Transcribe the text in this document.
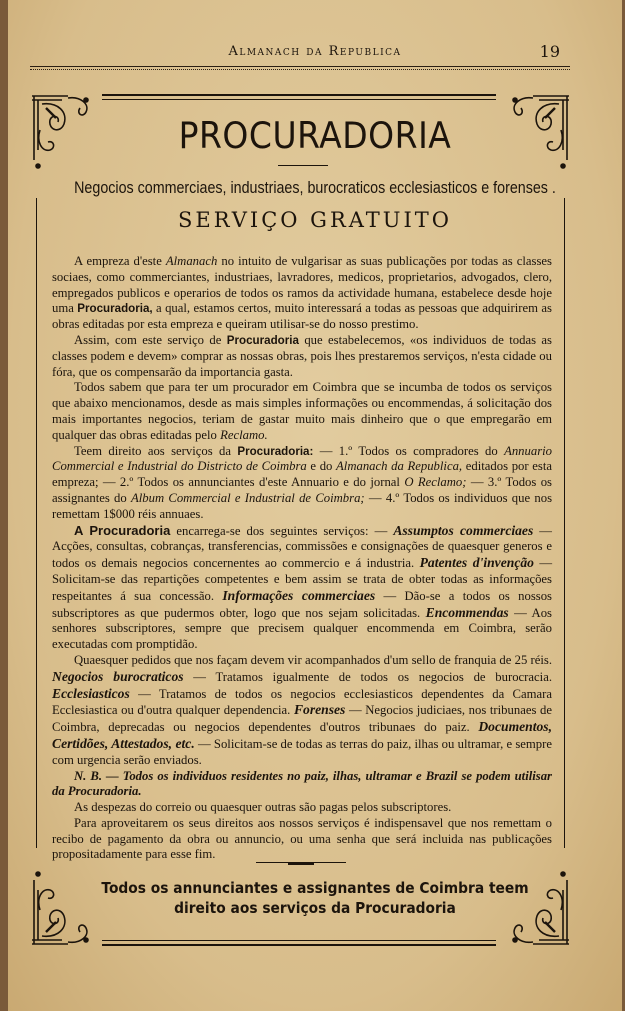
Almanach da Republica	19
PROCURADORIA
Negocios commerciaes, industriaes, burocraticos ecclesiasticos e forenses .
SERVIÇO GRATUITO

A empreza d'este Almanach no intuito de vulgarisar as suas publicações por todas as classes sociaes, como commerciantes, industriaes, lavradores, medicos, proprietarios, advogados, clero, empregados publicos e operarios de todos os ramos da actividade humana, estabelece desde hoje uma Procuradoria, a qual, estamos certos, muito interessará a todas as pessoas que adquirirem as obras editadas por esta empreza e queiram utilisar-se do nosso prestimo.

Assim, com este serviço de Procuradoria que estabelecemos, «os individuos de todas as classes podem e devem» comprar as nossas obras, pois lhes prestaremos serviços, n'esta cidade ou fóra, que os compensarão da importancia gasta.

Todos sabem que para ter um procurador em Coimbra que se incumba de todos os serviços que abaixo mencionamos, desde as mais simples informações ou encommendas, á solicitação dos mais importantes negocios, teriam de gastar muito mais dinheiro que o que empregarão em qualquer das obras editadas pelo Reclamo.

Teem direito aos serviços da Procuradoria: — 1.º Todos os compradores do Annuario Commercial e Industrial do Districto de Coimbra e do Almanach da Republica, editados por esta empreza; — 2.º Todos os annunciantes d'este Annuario e do jornal O Reclamo; — 3.º Todos os assignantes do Album Commercial e Industrial de Coimbra; — 4.º Todos os individuos que nos remettam 1$000 réis annuaes.

A Procuradoria encarrega-se dos seguintes serviços: — Assumptos commerciaes — Acções, consultas, cobranças, transferencias, commissões e consignações de quaesquer generos e todos os demais negocios concernentes ao commercio e á industria. Patentes d'invenção — Solicitam-se das repartições competentes e bem assim se trata de obter todas as informações respeitantes á sua concessão. Informações commerciaes — Dão-se a todos os nossos subscriptores as que pudermos obter, logo que nos sejam solicitadas. Encommendas — Aos senhores subscriptores, sempre que precisem qualquer encommenda em Coimbra, serão executadas com promptidão.

Quaesquer pedidos que nos façam devem vir acompanhados d'um sello de franquia de 25 réis. Negocios burocraticos — Tratamos igualmente de todos os negocios de burocracia. Ecclesiasticos — Tratamos de todos os negocios ecclesiasticos dependentes da Camara Ecclesiastica ou d'outra qualquer dependencia. Forenses — Negocios judiciaes, nos tribunaes de Coimbra, deprecadas ou negocios dependentes d'outros tribunaes do paiz. Documentos, Certidões, Attestados, etc. — Solicitam-se de todas as terras do paiz, ilhas ou ultramar, e sempre com urgencia serão enviados.

N. B. — Todos os individuos residentes no paiz, ilhas, ultramar e Brazil se podem utilisar da Procuradoria.

As despezas do correio ou quaesquer outras são pagas pelos subscriptores.

Para aproveitarem os seus direitos aos nossos serviços é indispensavel que nos remettam o recibo de pagamento da obra ou annuncio, ou uma senha que será incluida nas publicações propositadamente para esse fim.

Todos os annunciantes e assignantes de Coimbra teem
direito aos serviços da Procuradoria
